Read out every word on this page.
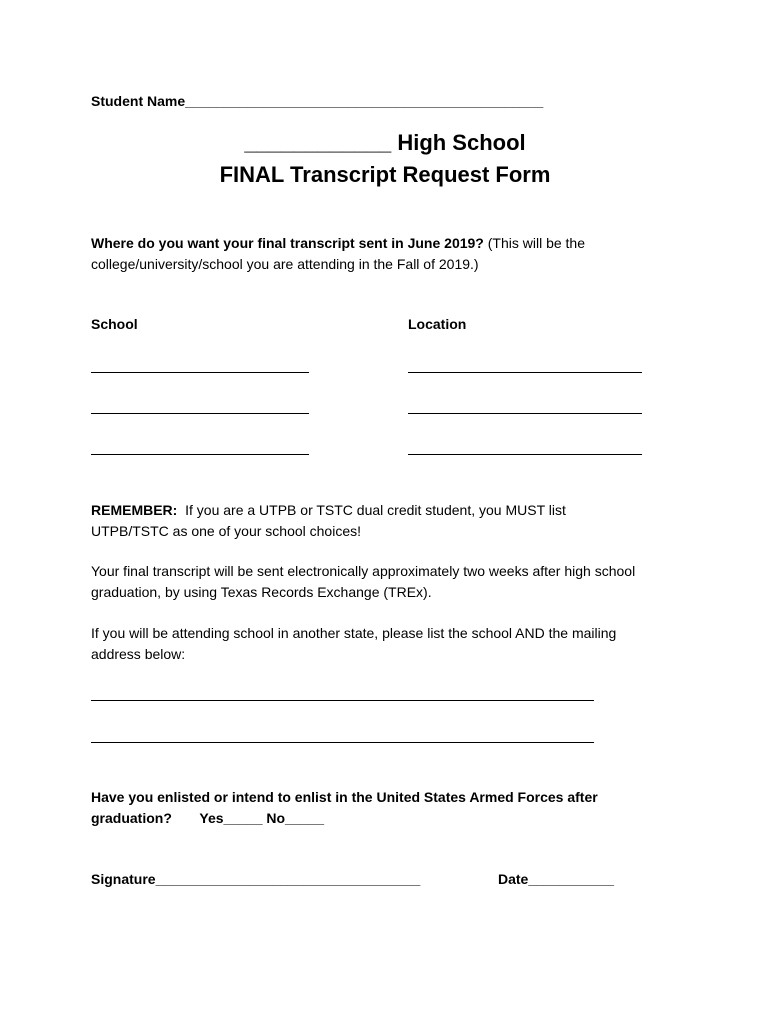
Student Name______________________________________________
____________ High School
FINAL Transcript Request Form
Where do you want your final transcript sent in June 2019? (This will be the
college/university/school you are attending in the Fall of 2019.)
School	Location
REMEMBER:  If you are a UTPB or TSTC dual credit student, you MUST list
UTPB/TSTC as one of your school choices!
Your final transcript will be sent electronically approximately two weeks after high school
graduation, by using Texas Records Exchange (TREx).
If you will be attending school in another state, please list the school AND the mailing
address below:
Have you enlisted or intend to enlist in the United States Armed Forces after
graduation? Yes_____ No_____
Signature__________________________________	Date___________
